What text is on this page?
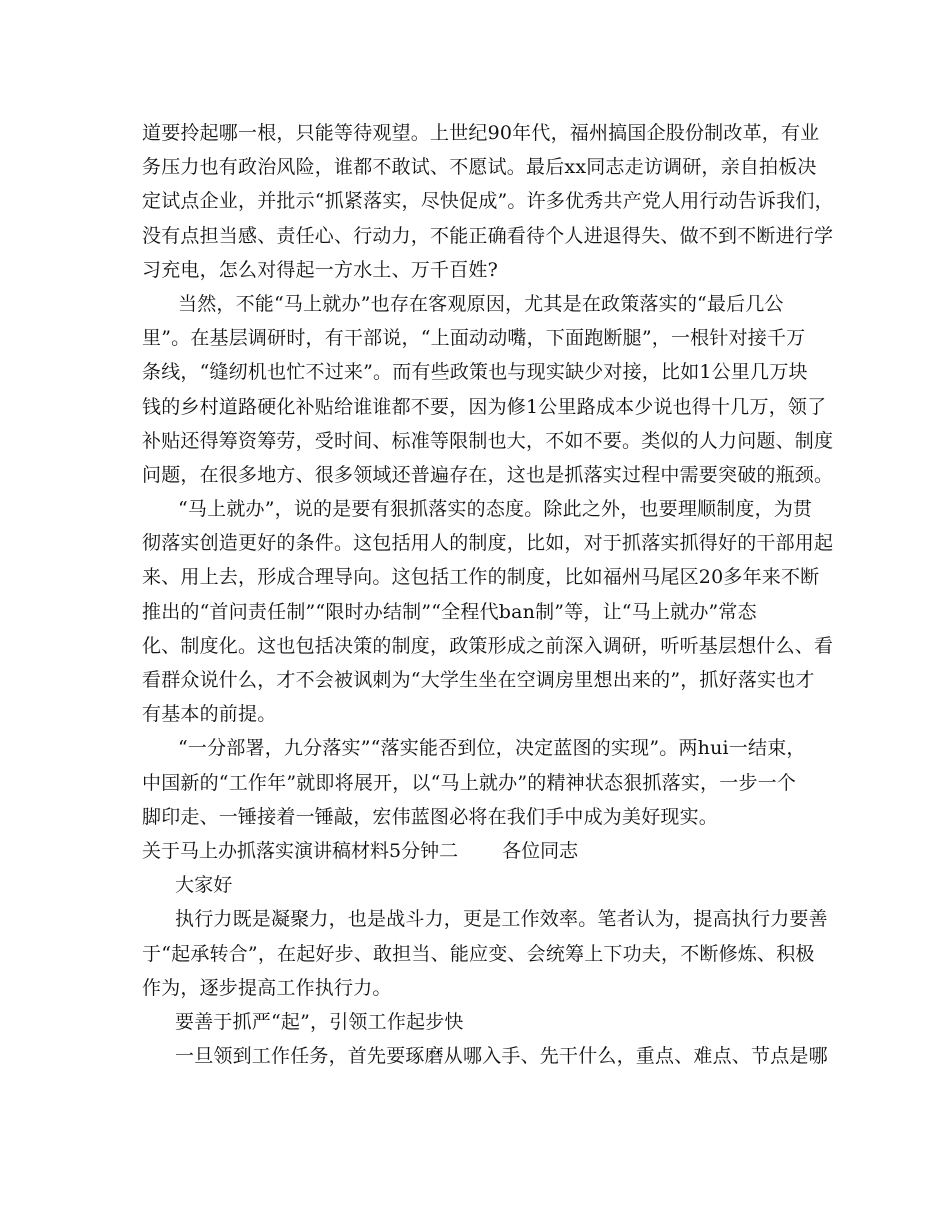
道要拎起哪一根，只能等待观望。上世纪90年代，福州搞国企股份制改革，有业
务压力也有政治风险，谁都不敢试、不愿试。最后xx同志走访调研，亲自拍板决
定试点企业，并批示“抓紧落实，尽快促成”。许多优秀共产党人用行动告诉我们，
没有点担当感、责任心、行动力，不能正确看待个人进退得失、做不到不断进行学
习充电，怎么对得起一方水土、万千百姓?
当然，不能“马上就办”也存在客观原因，尤其是在政策落实的“最后几公
里”。在基层调研时，有干部说，“上面动动嘴，下面跑断腿”，一根针对接千万
条线，“缝纫机也忙不过来”。而有些政策也与现实缺少对接，比如1公里几万块
钱的乡村道路硬化补贴给谁谁都不要，因为修1公里路成本少说也得十几万，领了
补贴还得筹资筹劳，受时间、标准等限制也大，不如不要。类似的人力问题、制度
问题，在很多地方、很多领域还普遍存在，这也是抓落实过程中需要突破的瓶颈。
“马上就办”，说的是要有狠抓落实的态度。除此之外，也要理顺制度，为贯
彻落实创造更好的条件。这包括用人的制度，比如，对于抓落实抓得好的干部用起
来、用上去，形成合理导向。这包括工作的制度，比如福州马尾区20多年来不断
推出的“首问责任制”“限时办结制”“全程代ban制”等，让“马上就办”常态
化、制度化。这也包括决策的制度，政策形成之前深入调研，听听基层想什么、看
看群众说什么，才不会被讽刺为“大学生坐在空调房里想出来的”，抓好落实也才
有基本的前提。
“一分部署，九分落实”“落实能否到位，决定蓝图的实现”。两hui一结束，
中国新的“工作年”就即将展开，以“马上就办”的精神状态狠抓落实，一步一个
脚印走、一锤接着一锤敲，宏伟蓝图必将在我们手中成为美好现实。
关于马上办抓落实演讲稿材料5分钟二 各位同志
大家好
执行力既是凝聚力，也是战斗力，更是工作效率。笔者认为，提高执行力要善
于“起承转合”，在起好步、敢担当、能应变、会统筹上下功夫，不断修炼、积极
作为，逐步提高工作执行力。
要善于抓严“起”，引领工作起步快
一旦领到工作任务，首先要琢磨从哪入手、先干什么，重点、难点、节点是哪
